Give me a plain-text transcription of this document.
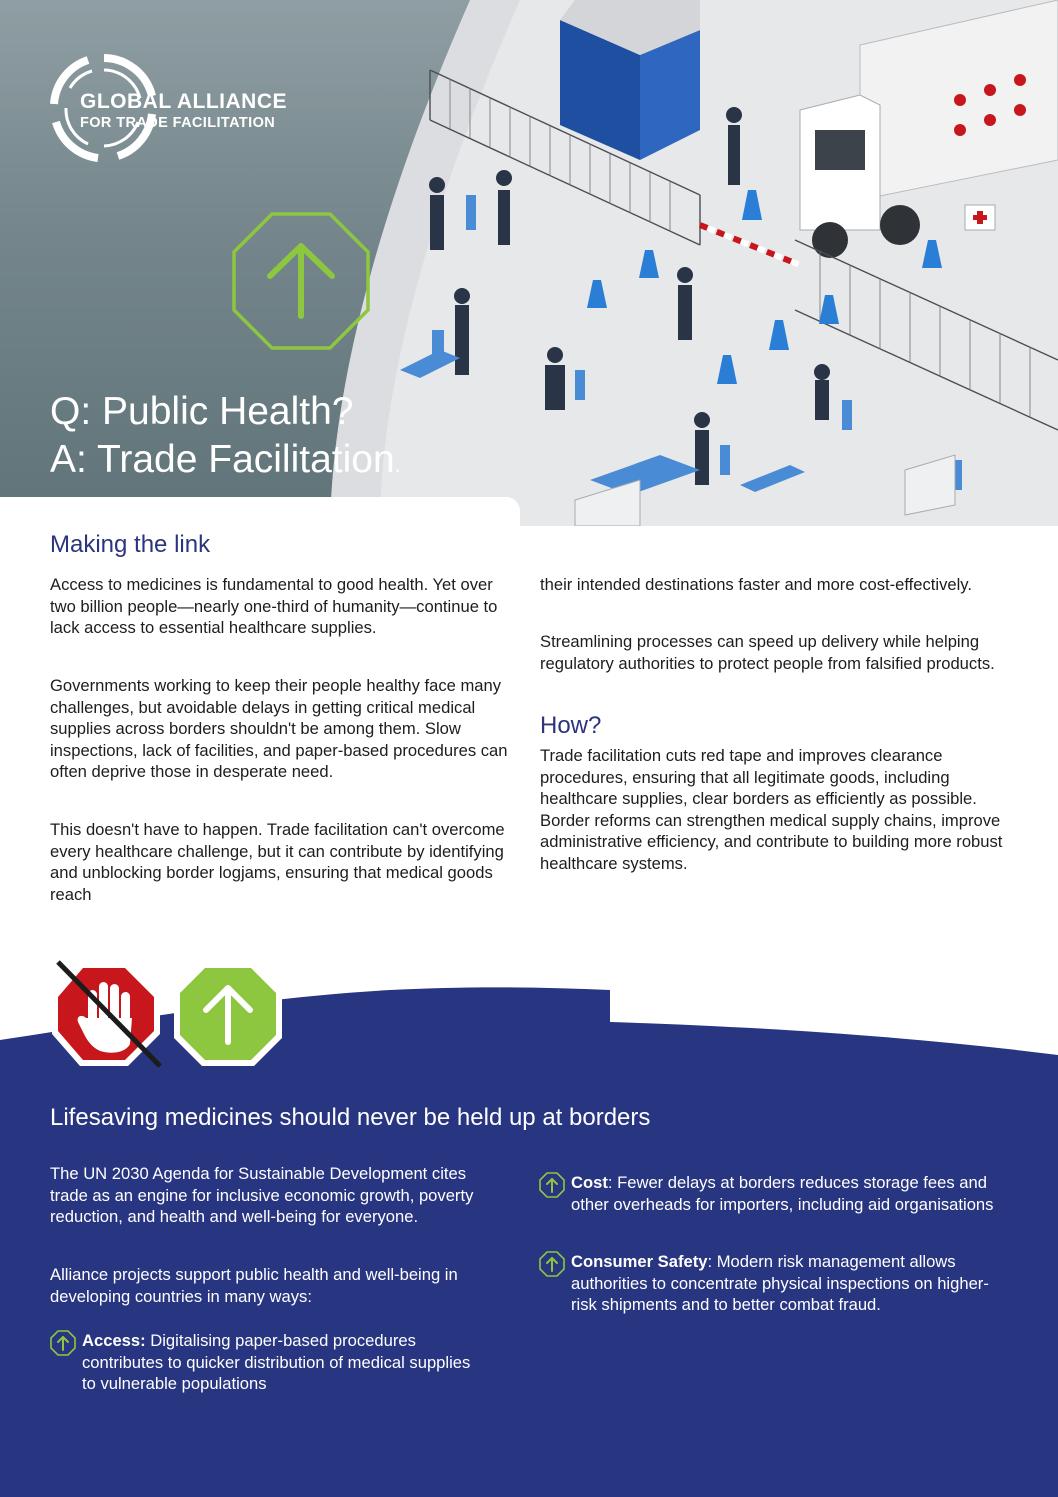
GLOBAL ALLIANCE
FOR TRADE FACILITATION
Q: Public Health?
A: Trade Facilitation.
Making the link
Access to medicines is fundamental to good health. Yet over two billion people—nearly one-third of humanity—continue to lack access to essential healthcare supplies.
Governments working to keep their people healthy face many challenges, but avoidable delays in getting critical medical supplies across borders shouldn't be among them. Slow inspections, lack of facilities, and paper-based procedures can often deprive those in desperate need.
This doesn't have to happen. Trade facilitation can't overcome every healthcare challenge, but it can contribute by identifying and unblocking border logjams, ensuring that medical goods reach
their intended destinations faster and more cost-effectively.
Streamlining processes can speed up delivery while helping regulatory authorities to protect people from falsified products.
How?
Trade facilitation cuts red tape and improves clearance procedures, ensuring that all legitimate goods, including healthcare supplies, clear borders as efficiently as possible. Border reforms can strengthen medical supply chains, improve administrative efficiency, and contribute to building more robust healthcare systems.
Lifesaving medicines should never be held up at borders
The UN 2030 Agenda for Sustainable Development cites trade as an engine for inclusive economic growth, poverty reduction, and health and well-being for everyone.
Alliance projects support public health and well-being in developing countries in many ways:
Access: Digitalising paper-based procedures contributes to quicker distribution of medical supplies to vulnerable populations
Cost: Fewer delays at borders reduces storage fees and other overheads for importers, including aid organisations
Consumer Safety: Modern risk management allows authorities to concentrate physical inspections on higher-risk shipments and to better combat fraud.
